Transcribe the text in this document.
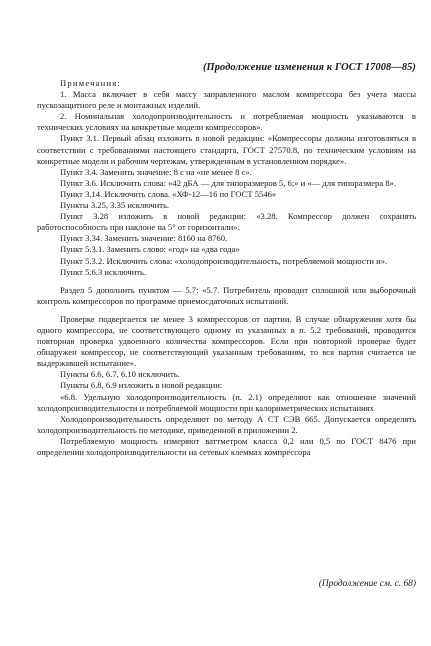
(Продолжение изменения к ГОСТ 17008—85)

Примечания:

1. Масса включает в себя массу заправленного маслом компрессора без учета массы пускозащитного реле и монтажных изделий.

2. Номинальная холодопроизводительность и потребляемая мощность указываются в технических условиях на конкретные модели компрессоров».

Пункт 3.1. Первый абзац изложить в новой редакции: «Компрессоры должны изготовляться в соответствии с требованиями настоящего стандарта, ГОСТ 27570.8, по техническим условиям на конкретные модели и рабочим чертежам, утвержденным в установленном порядке».

Пункт 3.4. Заменить значение: 8 с на «не менее 8 с».

Пункт 3.6. Исключить слова: «42 дБА — для типоразмеров 5, 6;» и «— для типоразмера 8».

Пункт 3.14. Исключить слова. «ХФ-12—16 по ГОСТ 5546»

Пункты 3.25, 3.35 исключить.

Пункт 3.28 изложить в новой редакции: «3.28. Компрессор должен сохранять работоспособность при наклоне на 5° от горизонтали».

Пункт 3.34. Заменить значение: 8160 на 8760.

Пункт 5.3.1. Заменить слово: «год» на «два года»

Пункт 5.3.2. Исключить слова: «холодопроизводительность, потребляемой мощности и».

Пункт 5.6.3 исключить.

Раздел 5 дополнить пунктом — 5.7: «5.7. Потребитель проводит сплошной или выборочный контроль компрессоров по программе приемосдаточных испытаний.

Проверке подвергается не менее 3 компрессоров от партии. В случае обнаружения хотя бы одного компрессора, не соответствующего одному из указанных в п. 5.2 требований, проводится повторная проверка удвоенного количества компрессоров. Если при повторной проверке будет обнаружен компрессор, не соответствующий указанным требованиям, то вся партия считается не выдержавшей испытание».

Пункты 6.6, 6.7, 6.10 исключить.

Пункты 6.8, 6.9 изложить в новой редакции:

«6.8. Удельную холодопроизводительность (п. 2.1) определяют как отношение значений холодопроизводительности и потребляемой мощности при калориметрических испытаниях

Холодопроизводительность определяют по методу А СТ СЭВ 665. Допускается определять холодопроизводительность по методике, приведенной в приложении 2.

Потребляемую мощность измеряют ваттметром класса 0,2 или 0,5 по ГОСТ 8476 при определении холодопроизводительности на сетевых клеммах компрессора

(Продолжение см. с. 68)
